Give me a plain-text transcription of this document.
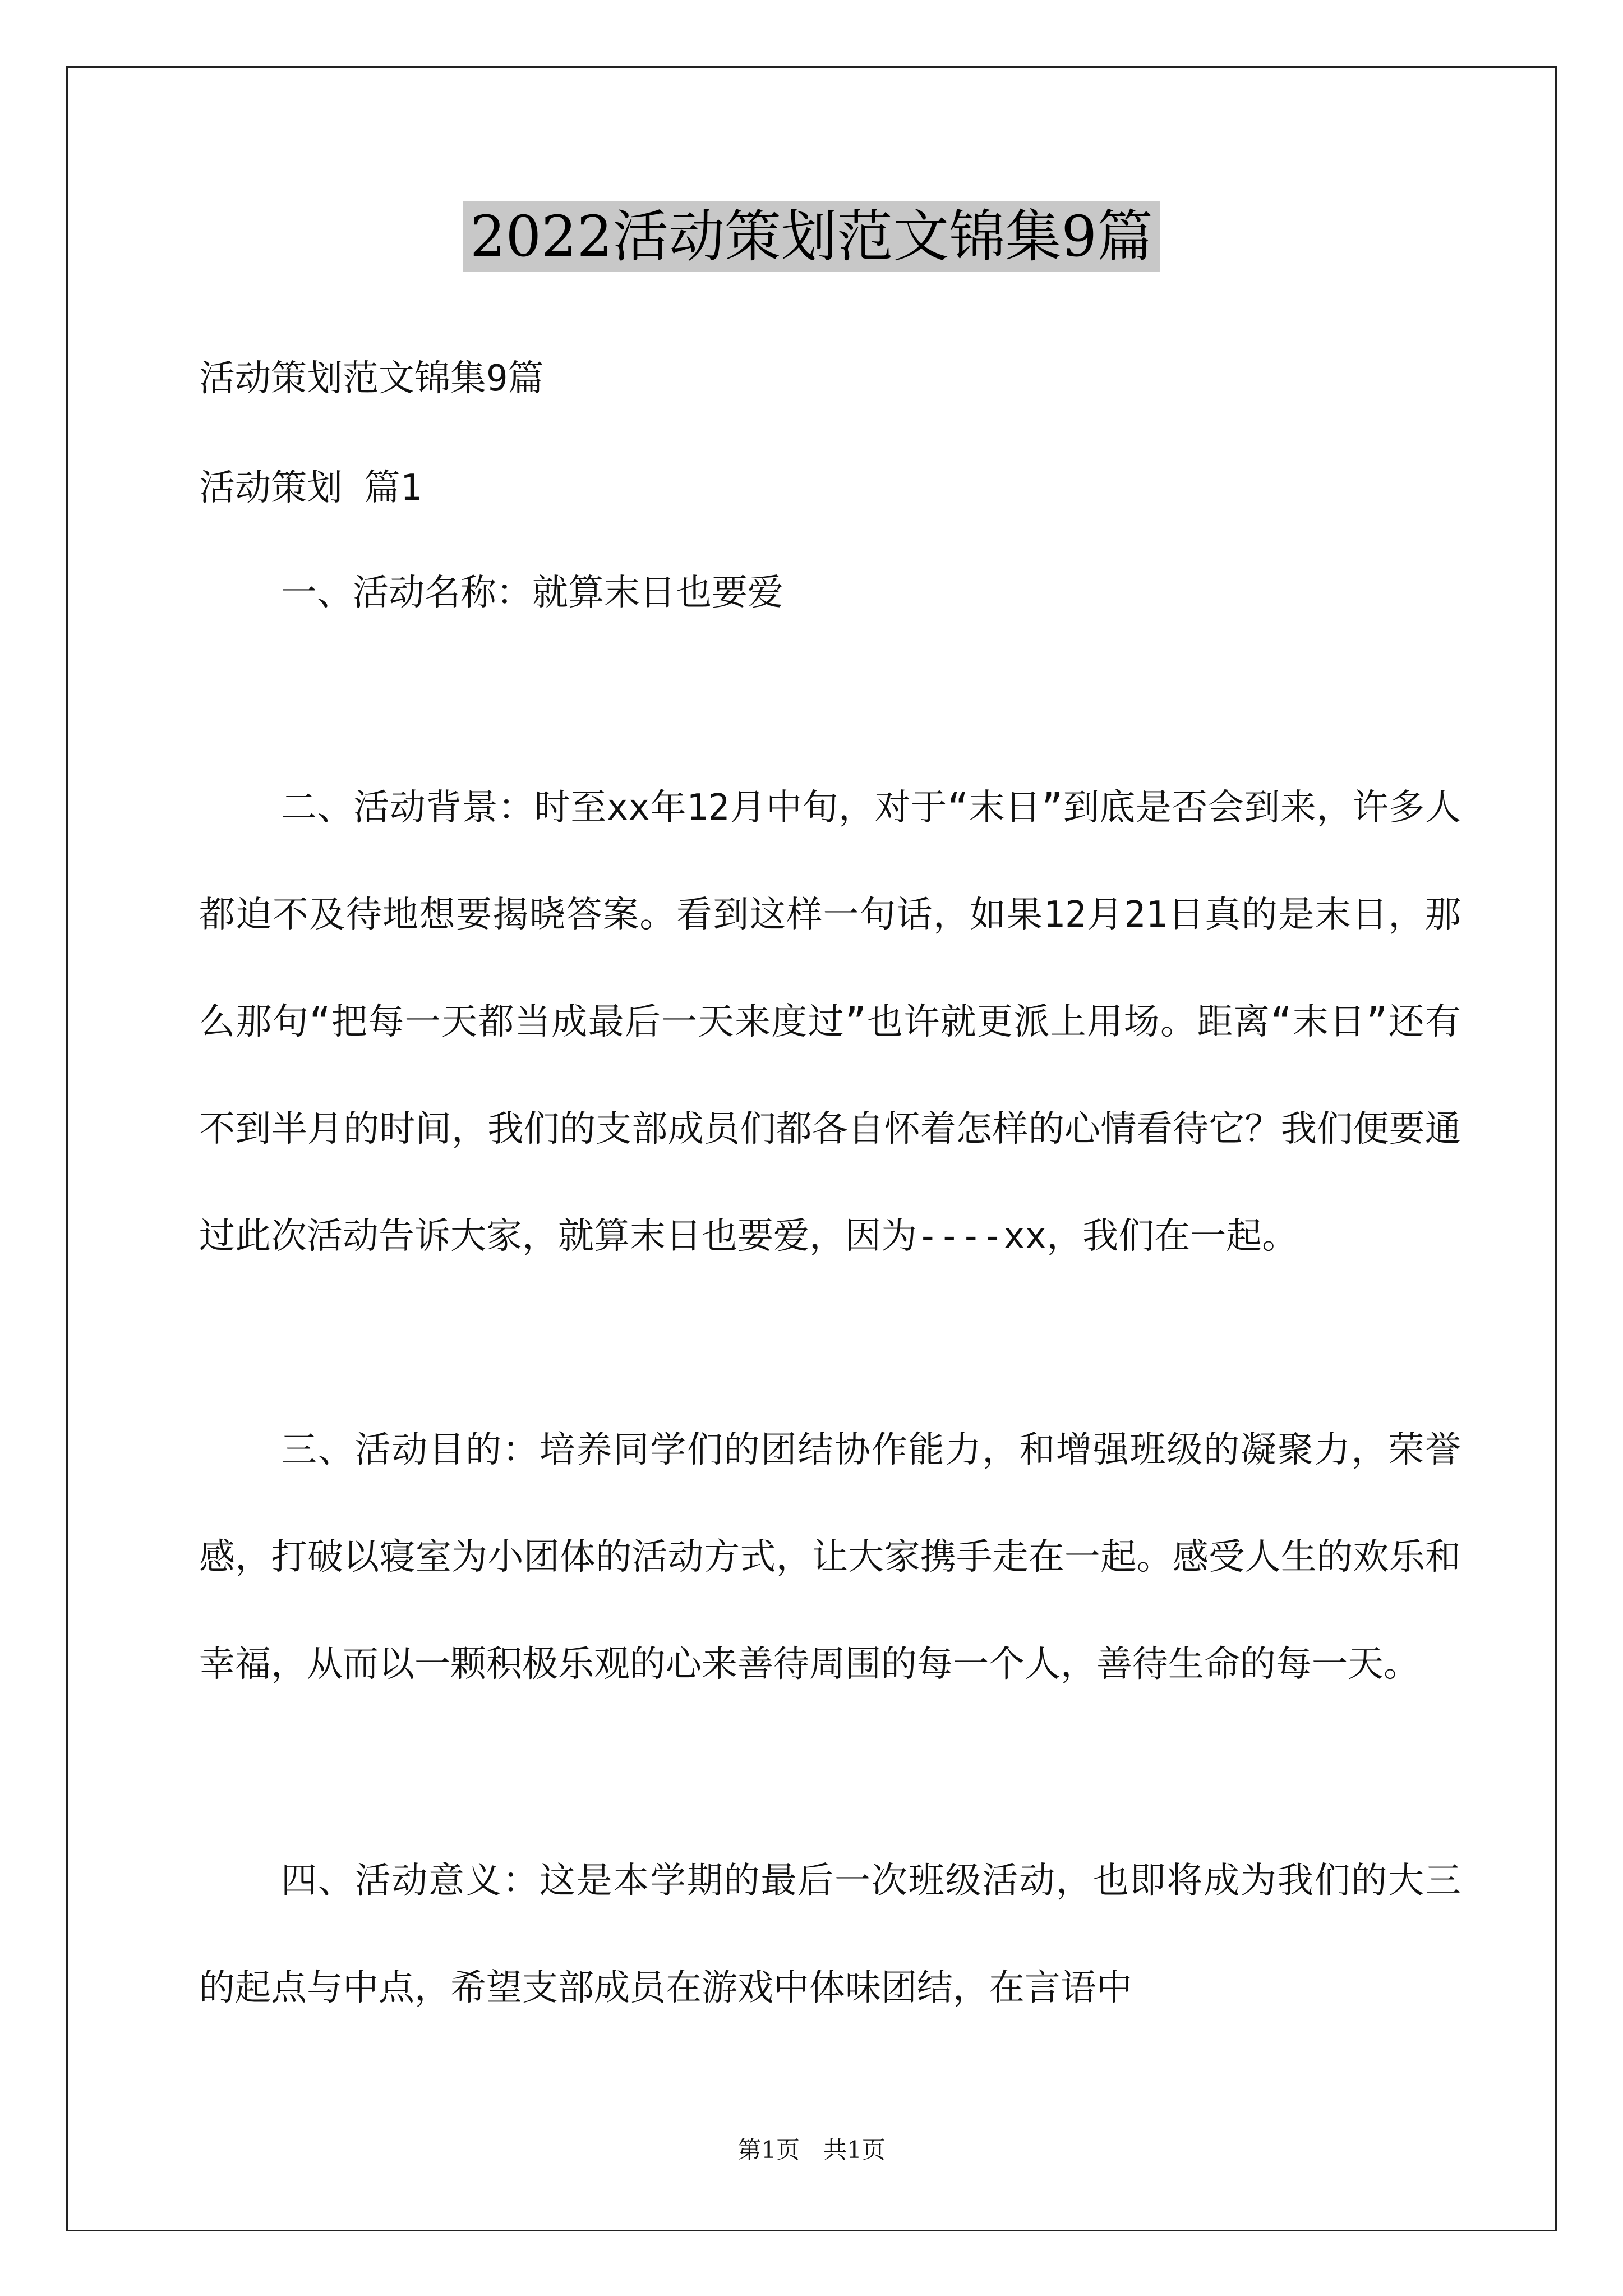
2022活动策划范文锦集9篇
活动策划范文锦集9篇
活动策划 篇1
一、活动名称：就算末日也要爱
二、活动背景：时至xx年12月中旬，对于“末日”到底是否会到来，许多人都迫不及待地想要揭晓答案。看到这样一句话，如果12月21日真的是末日，那么那句“把每一天都当成最后一天来度过”也许就更派上用场。距离“末日”还有不到半月的时间，我们的支部成员们都各自怀着怎样的心情看待它？我们便要通过此次活动告诉大家，就算末日也要爱，因为----xx，我们在一起。
三、活动目的：培养同学们的团结协作能力，和增强班级的凝聚力，荣誉感，打破以寝室为小团体的活动方式，让大家携手走在一起。感受人生的欢乐和幸福，从而以一颗积极乐观的心来善待周围的每一个人，善待生命的每一天。
四、活动意义：这是本学期的最后一次班级活动，也即将成为我们的大三的起点与中点，希望支部成员在游戏中体味团结，在言语中
第1页　共1页
